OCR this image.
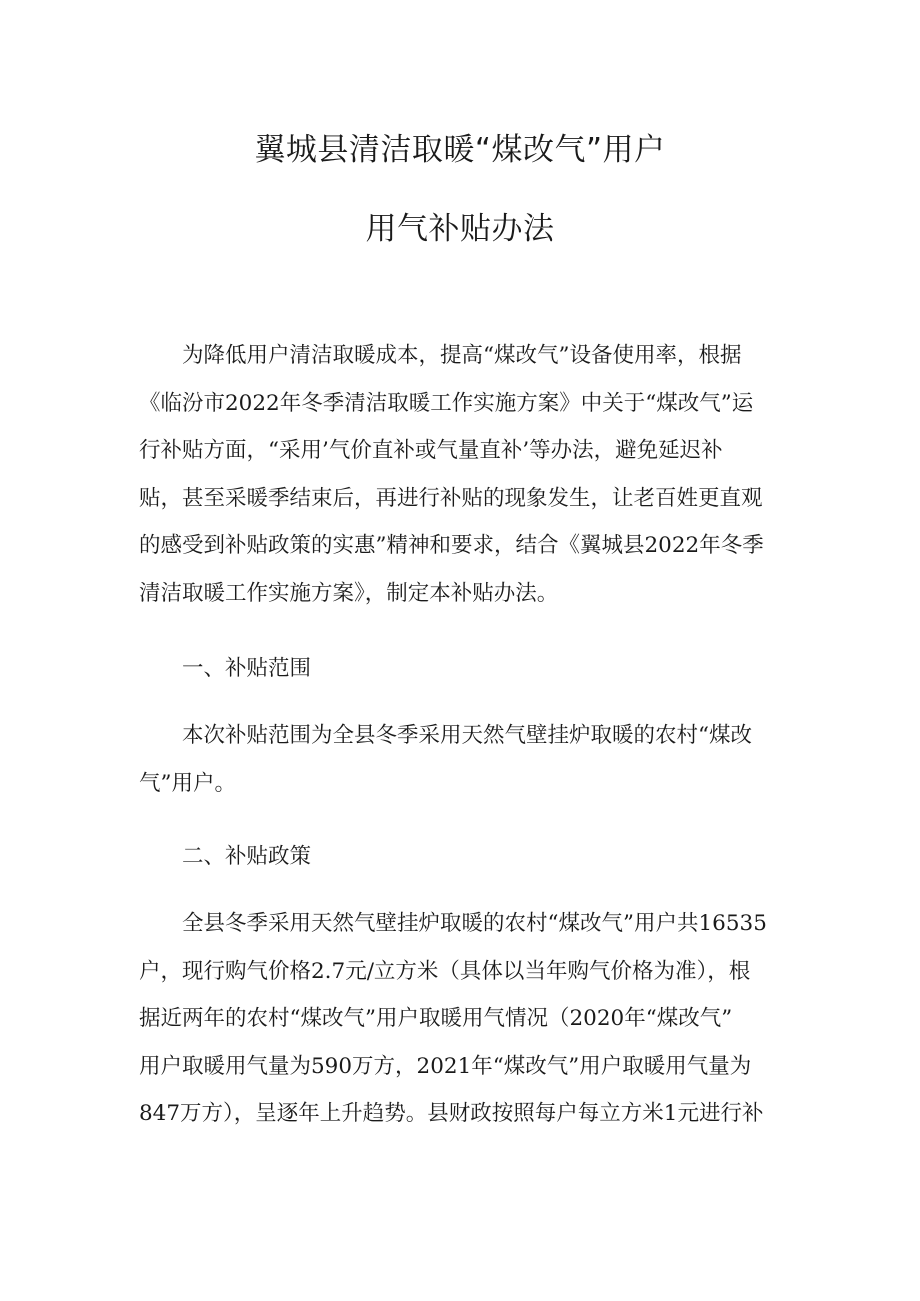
翼城县清洁取暖“煤改气”用户
用气补贴办法
为降低用户清洁取暖成本，提高“煤改气”设备使用率，根据
《临汾市2022年冬季清洁取暖工作实施方案》中关于“煤改气”运
行补贴方面，“采用’气价直补或气量直补’等办法，避免延迟补
贴，甚至采暖季结束后，再进行补贴的现象发生，让老百姓更直观
的感受到补贴政策的实惠”精神和要求，结合《翼城县2022年冬季
清洁取暖工作实施方案》，制定本补贴办法。
一、补贴范围
本次补贴范围为全县冬季采用天然气壁挂炉取暖的农村“煤改
气”用户。
二、补贴政策
全县冬季采用天然气壁挂炉取暖的农村“煤改气”用户共16535
户，现行购气价格2.7元/立方米（具体以当年购气价格为准），根
据近两年的农村“煤改气”用户取暖用气情况（2020年“煤改气”
用户取暖用气量为590万方，2021年“煤改气”用户取暖用气量为
847万方），呈逐年上升趋势。县财政按照每户每立方米1元进行补
